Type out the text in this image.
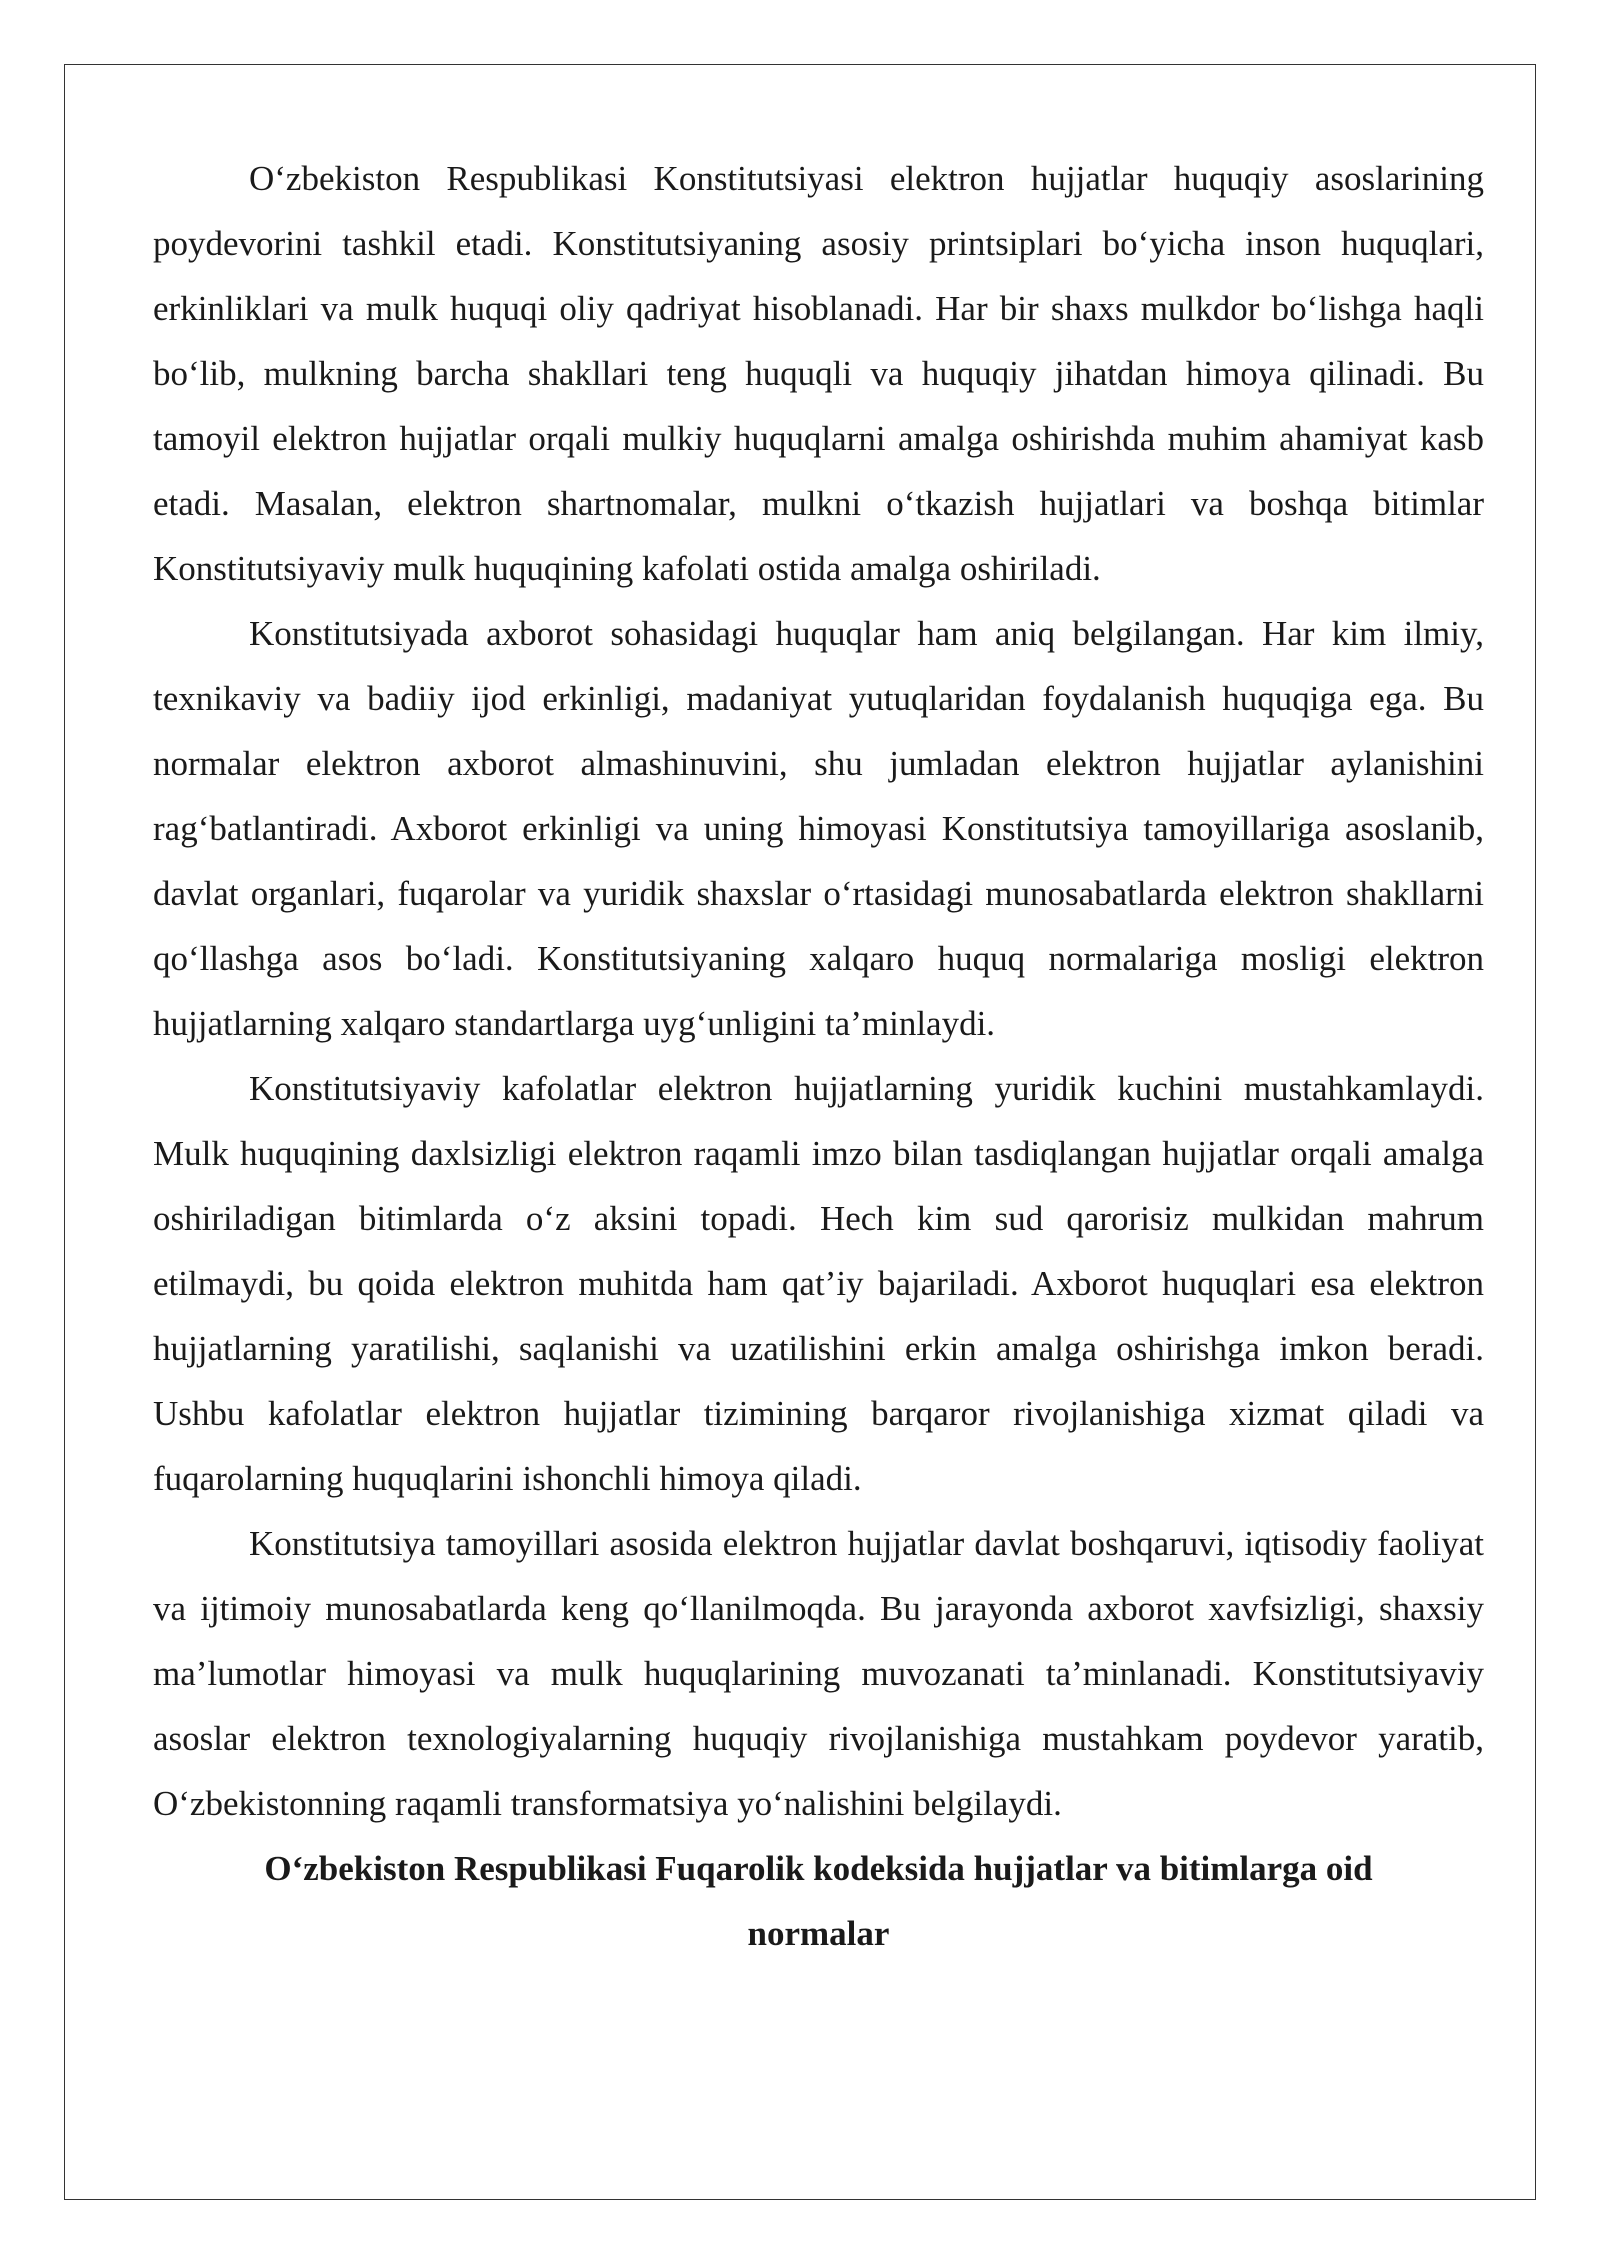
O‘zbekiston Respublikasi Konstitutsiyasi elektron hujjatlar huquqiy asoslarining poydevorini tashkil etadi. Konstitutsiyaning asosiy printsiplari bo‘yicha inson huquqlari, erkinliklari va mulk huquqi oliy qadriyat hisoblanadi. Har bir shaxs mulkdor bo‘lishga haqli bo‘lib, mulkning barcha shakllari teng huquqli va huquqiy jihatdan himoya qilinadi. Bu tamoyil elektron hujjatlar orqali mulkiy huquqlarni amalga oshirishda muhim ahamiyat kasb etadi. Masalan, elektron shartnomalar, mulkni o‘tkazish hujjatlari va boshqa bitimlar Konstitutsiyaviy mulk huquqining kafolati ostida amalga oshiriladi.

Konstitutsiyada axborot sohasidagi huquqlar ham aniq belgilangan. Har kim ilmiy, texnikaviy va badiiy ijod erkinligi, madaniyat yutuqlaridan foydalanish huquqiga ega. Bu normalar elektron axborot almashinuvini, shu jumladan elektron hujjatlar aylanishini rag‘batlantiradi. Axborot erkinligi va uning himoyasi Konstitutsiya tamoyillariga asoslanib, davlat organlari, fuqarolar va yuridik shaxslar o‘rtasidagi munosabatlarda elektron shakllarni qo‘llashga asos bo‘ladi. Konstitutsiyaning xalqaro huquq normalariga mosligi elektron hujjatlarning xalqaro standartlarga uyg‘unligini ta’minlaydi.

Konstitutsiyaviy kafolatlar elektron hujjatlarning yuridik kuchini mustahkamlaydi. Mulk huquqining daxlsizligi elektron raqamli imzo bilan tasdiqlangan hujjatlar orqali amalga oshiriladigan bitimlarda o‘z aksini topadi. Hech kim sud qarorisiz mulkidan mahrum etilmaydi, bu qoida elektron muhitda ham qat’iy bajariladi. Axborot huquqlari esa elektron hujjatlarning yaratilishi, saqlanishi va uzatilishini erkin amalga oshirishga imkon beradi. Ushbu kafolatlar elektron hujjatlar tizimining barqaror rivojlanishiga xizmat qiladi va fuqarolarning huquqlarini ishonchli himoya qiladi.

Konstitutsiya tamoyillari asosida elektron hujjatlar davlat boshqaruvi, iqtisodiy faoliyat va ijtimoiy munosabatlarda keng qo‘llanilmoqda. Bu jarayonda axborot xavfsizligi, shaxsiy ma’lumotlar himoyasi va mulk huquqlarining muvozanati ta’minlanadi. Konstitutsiyaviy asoslar elektron texnologiyalarning huquqiy rivojlanishiga mustahkam poydevor yaratib, O‘zbekistonning raqamli transformatsiya yo‘nalishini belgilaydi.

O‘zbekiston Respublikasi Fuqarolik kodeksida hujjatlar va bitimlarga oid normalar
